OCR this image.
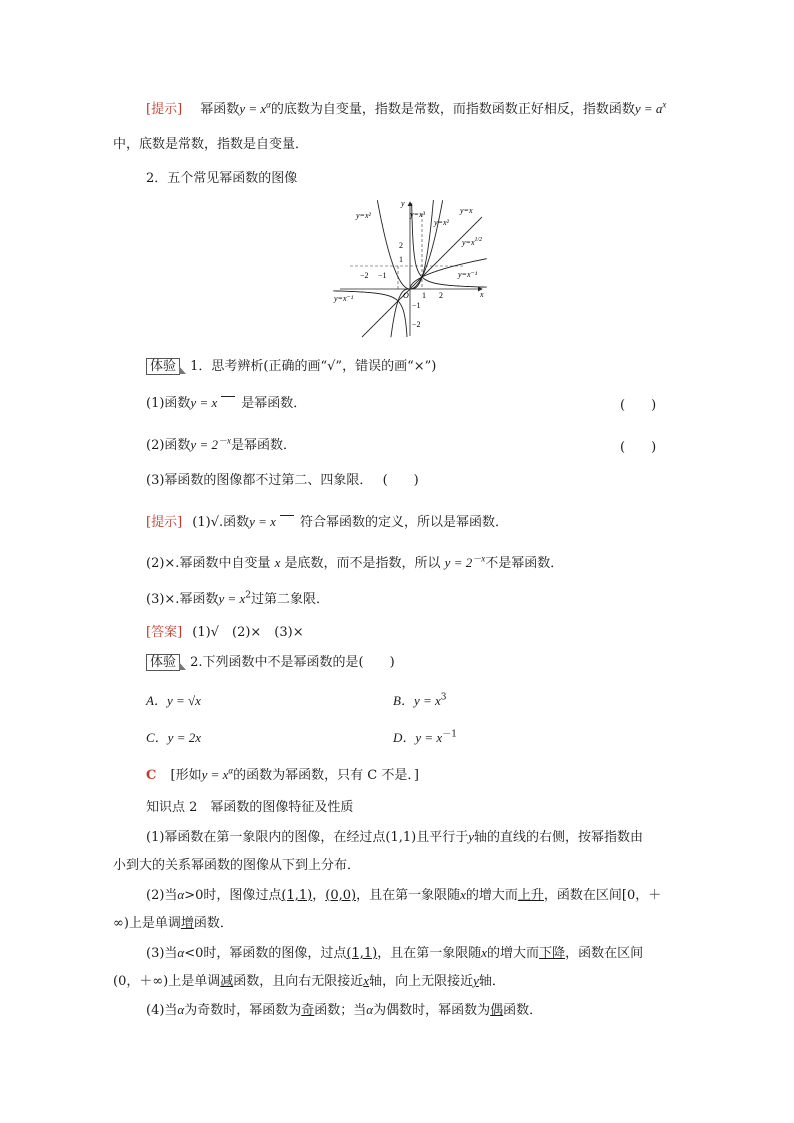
[提示] 幂函数$y = x^\alpha$的底数为自变量，指数是常数，而指数函数正好相反，指数函数$y = a^x$
中，底数是常数，指数是自变量．
2．五个常见幂函数的图像
y=x²	y=x³
y=x²
y=x
$y=x^{1/2}$
y=x⁻¹
y=x⁻¹	x
y
O
−2 −1
1 2
1
2
−1
−2
体验 1．思考辨析(正确的画“√”，错误的画“×”)
(1)函数y = x 是幂函数．	(　　)
(2)函数$y = 2^{-x}$是幂函数．	(　　)
(3)幂函数的图像都不过第二、四象限． (　　)
[提示] (1)√.函数y = x 符合幂函数的定义，所以是幂函数．
(2)×.幂函数中自变量 x 是底数，而不是指数，所以 $y = 2^{-x}$不是幂函数．
(3)×.幂函数$y = x^2$过第二象限．
[答案] (1)√　(2)×　(3)×
体验 2.下列函数中不是幂函数的是(　　)
A．y = √x	B．$y = x^3$
C．y = 2x	D．$y = x^{-1}$
C [形如$y = x^\alpha$的函数为幂函数，只有 C 不是．]
知识点 2　幂函数的图像特征及性质
(1)幂函数在第一象限内的图像，在经过点(1,1)且平行于y轴的直线的右侧，按幂指数由
小到大的关系幂函数的图像从下到上分布．
(2)当α>0时，图像过点(1,1)，(0,0)，且在第一象限随x的增大而上升，函数在区间[0，＋
∞)上是单调增函数．
(3)当α<0时，幂函数的图像，过点(1,1)，且在第一象限随x的增大而下降，函数在区间
(0，＋∞)上是单调减函数，且向右无限接近x轴，向上无限接近y轴．
(4)当α为奇数时，幂函数为奇函数；当α为偶数时，幂函数为偶函数．
